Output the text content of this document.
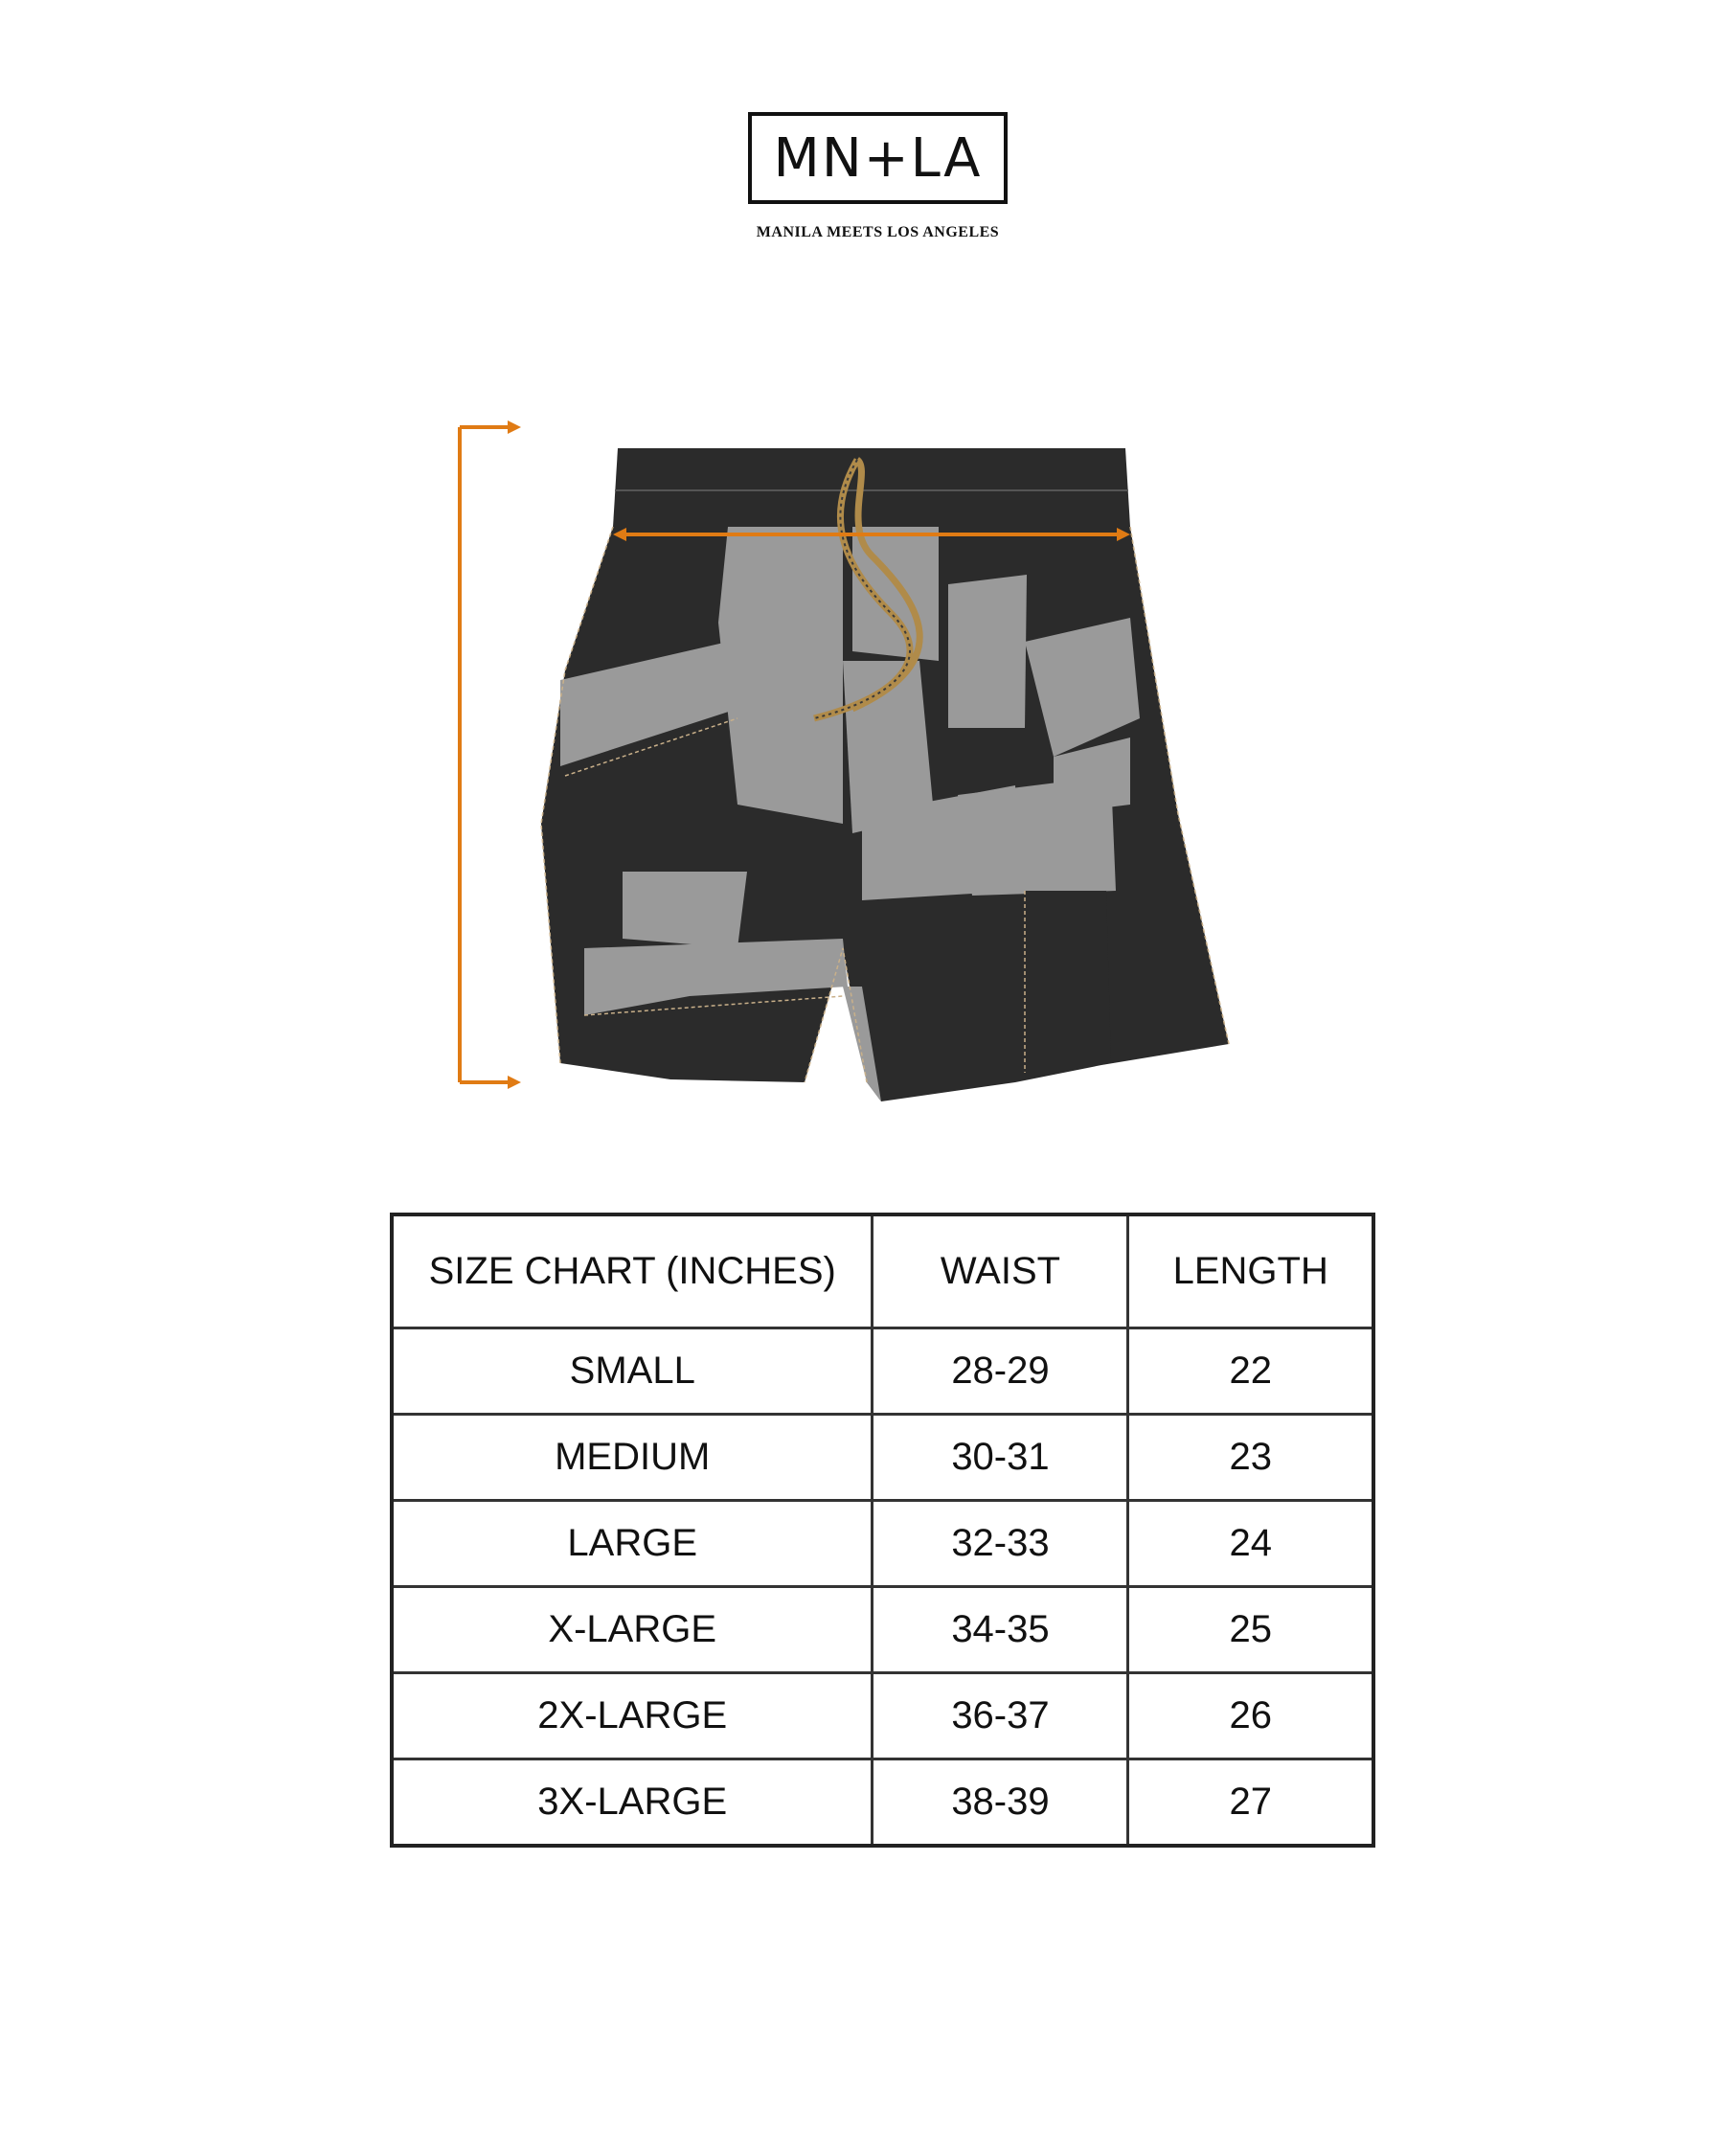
MN+LA
MANILA MEETS LOS ANGELES
SIZE CHART (INCHES)	WAIST	LENGTH
SMALL	28-29	22
MEDIUM	30-31	23
LARGE	32-33	24
X-LARGE	34-35	25
2X-LARGE	36-37	26
3X-LARGE	38-39	27
